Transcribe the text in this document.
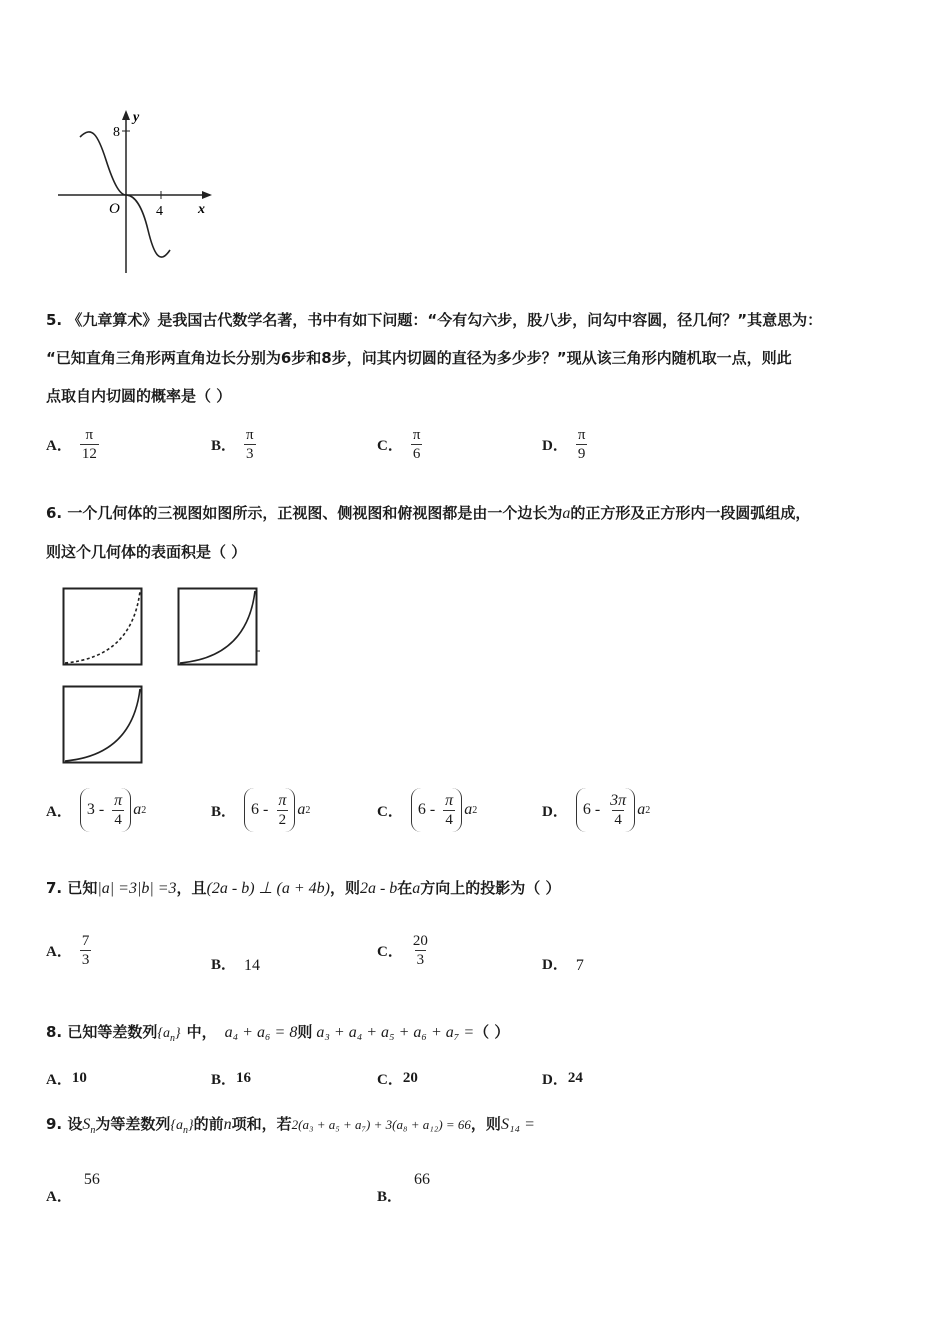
y
8
O	4	x
5. 《九章算术》是我国古代数学名著，书中有如下问题：“今有勾六步，股八步，问勾中容圆，径几何？”其意思为：
“已知直角三角形两直角边长分别为6步和8步，问其内切圆的直径为多少步？”现从该三角形内随机取一点，则此
点取自内切圆的概率是（ ）
A． $\frac{\pi}{12}$	B． $\frac{\pi}{3}$	C． $\frac{\pi}{6}$	D． $\frac{\pi}{9}$
6. 一个几何体的三视图如图所示，正视图、侧视图和俯视图都是由一个边长为a的正方形及正方形内一段圆弧组成，
则这个几何体的表面积是（ ）
A． $3 - \frac{\pi}{4}$ a 2	B． $6 - \frac{\pi}{2}$ a 2	C． $6 - \frac{\pi}{4}$ a 2	D． $6 - \frac{3\pi}{4}$ a 2
7. 已知|a| =3|b| =3，且(2a - b) ⊥ (a + 4b)，则2a - b在a方向上的投影为（ ）
A． $\frac{7}{3}$	B． 14
C． $\frac{20}{3}$	D． 7
8. 已知等差数列$\{a_n\}$ 中， a₄ + a₆ = 8则 a₃ + a₄ + a₅ + a₆ + a₇ =（ ）
A． 10	B． 16	C． 20	D． 24
9. 设$S_n$为等差数列$\{a_n\}$的前n项和，若2(a₃ + a₅ + a₇) + 3(a₈ + a₁₂) = 66，则S₁₄ =
A．
56
B．
66
